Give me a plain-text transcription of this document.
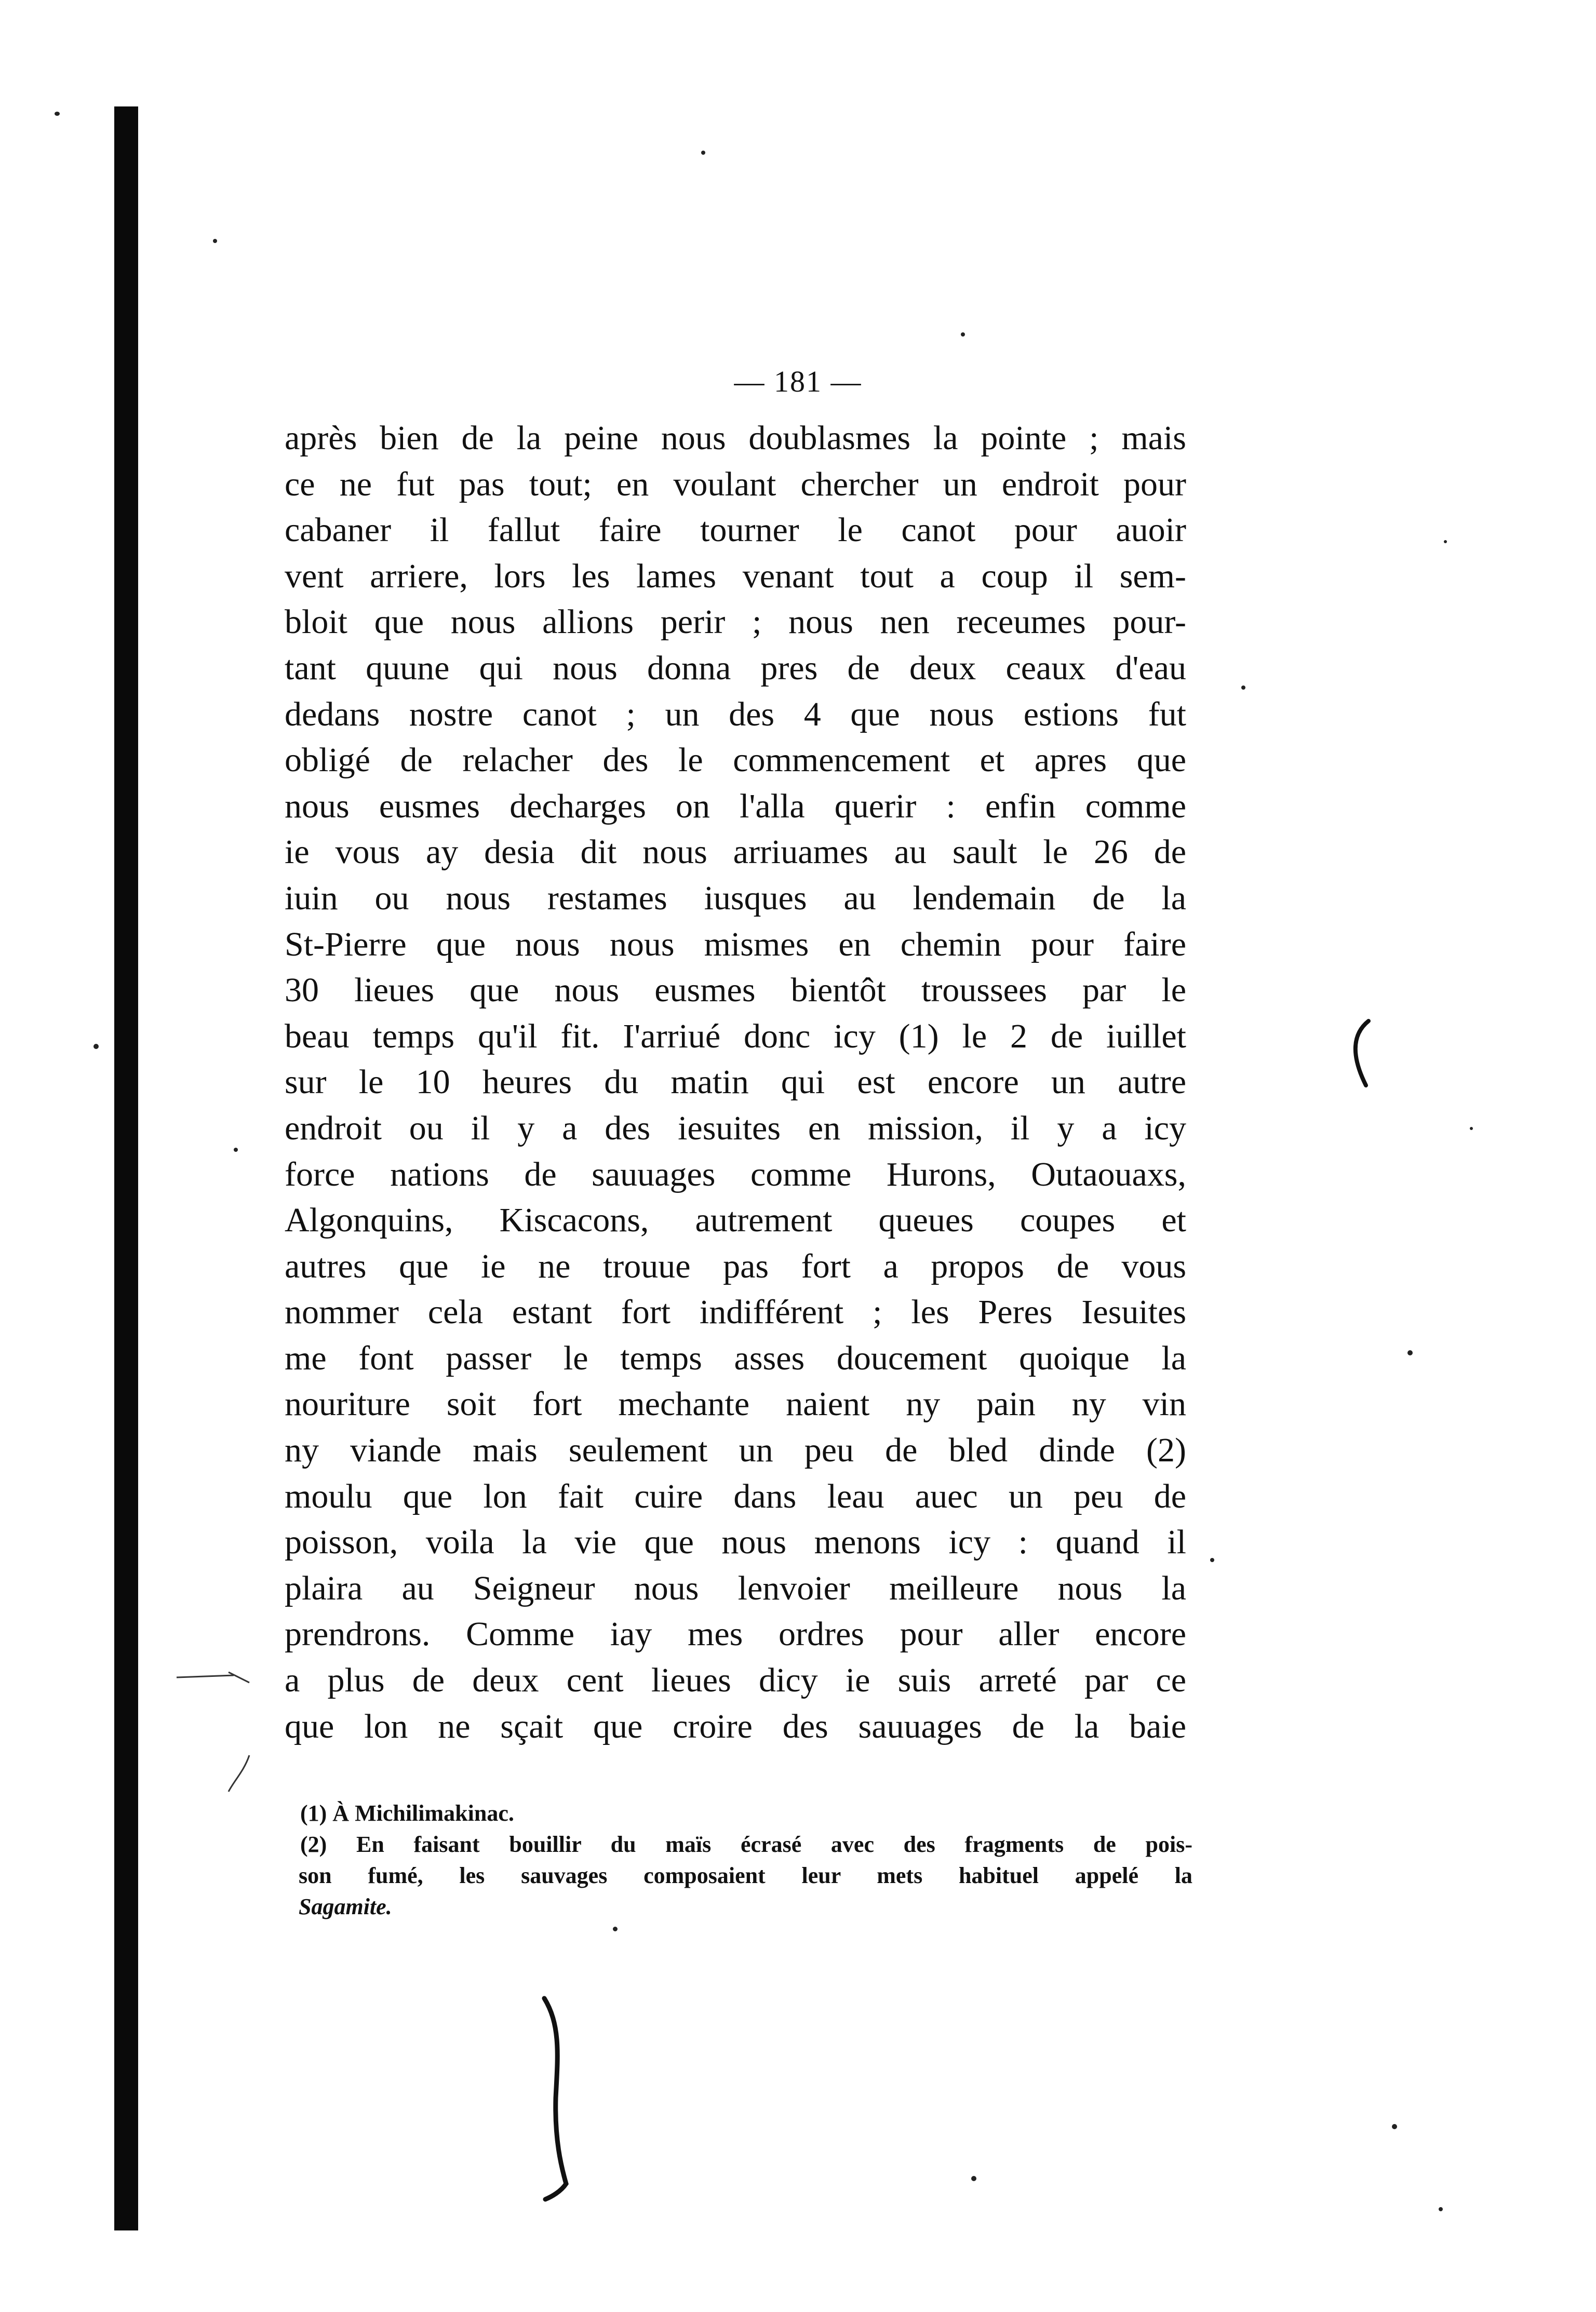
— 181 —
après bien de la peine nous doublasmes la pointe ; mais
ce ne fut pas tout; en voulant chercher un endroit pour
cabaner il fallut faire tourner le canot pour auoir
vent arriere, lors les lames venant tout a coup il sem-
bloit que nous allions perir ; nous nen receumes pour-
tant quune qui nous donna pres de deux ceaux d'eau
dedans nostre canot ; un des 4 que nous estions fut
obligé de relacher des le commencement et apres que
nous eusmes decharges on l'alla querir : enfin comme
ie vous ay desia dit nous arriuames au sault le 26 de
iuin ou nous restames iusques au lendemain de la
St-Pierre que nous nous mismes en chemin pour faire
30 lieues que nous eusmes bientôt troussees par le
beau temps qu'il fit. I'arriué donc icy (1) le 2 de iuillet
sur le 10 heures du matin qui est encore un autre
endroit ou il y a des iesuites en mission, il y a icy
force nations de sauuages comme Hurons, Outaouaxs,
Algonquins, Kiscacons, autrement queues coupes et
autres que ie ne trouue pas fort a propos de vous
nommer cela estant fort indifférent ; les Peres Iesuites
me font passer le temps asses doucement quoique la
nouriture soit fort mechante naient ny pain ny vin
ny viande mais seulement un peu de bled dinde (2)
moulu que lon fait cuire dans leau auec un peu de
poisson, voila la vie que nous menons icy : quand il
plaira au Seigneur nous lenvoier meilleure nous la
prendrons. Comme iay mes ordres pour aller encore
a plus de deux cent lieues dicy ie suis arreté par ce
que lon ne sçait que croire des sauuages de la baie
(1) À Michilimakinac.
(2) En faisant bouillir du maïs écrasé avec des fragments de pois-
son fumé, les sauvages composaient leur mets habituel appelé la
Sagamite.
